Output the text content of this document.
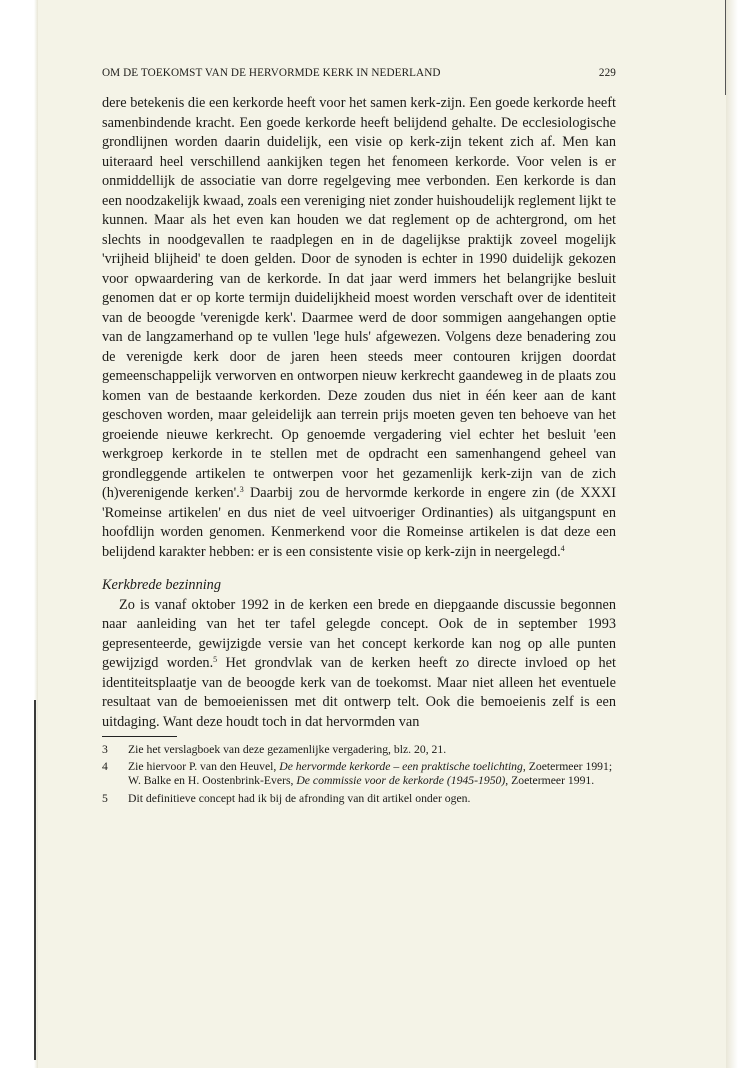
OM DE TOEKOMST VAN DE HERVORMDE KERK IN NEDERLAND	229

dere betekenis die een kerkorde heeft voor het samen kerk-zijn. Een goede kerkorde heeft samenbindende kracht. Een goede kerkorde heeft belijdend gehalte. De ecclesiologische grondlijnen worden daarin duidelijk, een visie op kerk-zijn tekent zich af. Men kan uiteraard heel verschillend aankijken tegen het fenomeen kerkorde. Voor velen is er onmiddellijk de associatie van dorre regelgeving mee verbonden. Een kerkorde is dan een noodzakelijk kwaad, zoals een vereniging niet zonder huishoudelijk reglement lijkt te kunnen. Maar als het even kan houden we dat reglement op de achtergrond, om het slechts in noodgevallen te raadplegen en in de dagelijkse praktijk zoveel mogelijk 'vrijheid blijheid' te doen gelden. Door de synoden is echter in 1990 duidelijk gekozen voor opwaardering van de kerkorde. In dat jaar werd immers het belangrijke besluit genomen dat er op korte termijn duidelijkheid moest worden verschaft over de identiteit van de beoogde 'verenigde kerk'. Daarmee werd de door sommigen aangehangen optie van de langzamerhand op te vullen 'lege huls' afgewezen. Volgens deze benadering zou de verenigde kerk door de jaren heen steeds meer contouren krijgen doordat gemeenschappelijk verworven en ontworpen nieuw kerkrecht gaandeweg in de plaats zou komen van de bestaande kerkorden. Deze zouden dus niet in één keer aan de kant geschoven worden, maar geleidelijk aan terrein prijs moeten geven ten behoeve van het groeiende nieuwe kerkrecht. Op genoemde vergadering viel echter het besluit 'een werkgroep kerkorde in te stellen met de opdracht een samenhangend geheel van grondleggende artikelen te ontwerpen voor het gezamenlijk kerk-zijn van de zich (h)verenigende kerken'.$^3$ Daarbij zou de hervormde kerkorde in engere zin (de XXXI 'Romeinse artikelen' en dus niet de veel uitvoeriger Ordinanties) als uitgangspunt en hoofdlijn worden genomen. Kenmerkend voor die Romeinse artikelen is dat deze een belijdend karakter hebben: er is een consistente visie op kerk-zijn in neergelegd.$^4$

Kerkbrede bezinning

Zo is vanaf oktober 1992 in de kerken een brede en diepgaande discussie begonnen naar aanleiding van het ter tafel gelegde concept. Ook de in september 1993 gepresenteerde, gewijzigde versie van het concept kerkorde kan nog op alle punten gewijzigd worden.$^5$ Het grondvlak van de kerken heeft zo directe invloed op het identiteitsplaatje van de beoogde kerk van de toekomst. Maar niet alleen het eventuele resultaat van de bemoeienissen met dit ontwerp telt. Ook die bemoeienis zelf is een uitdaging. Want deze houdt toch in dat hervormden van

3	Zie het verslagboek van deze gezamenlijke vergadering, blz. 20, 21.
4	Zie hiervoor P. van den Heuvel, De hervormde kerkorde – een praktische toelichting, Zoetermeer 1991; W. Balke en H. Oostenbrink-Evers, De commissie voor de kerkorde (1945-1950), Zoetermeer 1991.
5	Dit definitieve concept had ik bij de afronding van dit artikel onder ogen.
